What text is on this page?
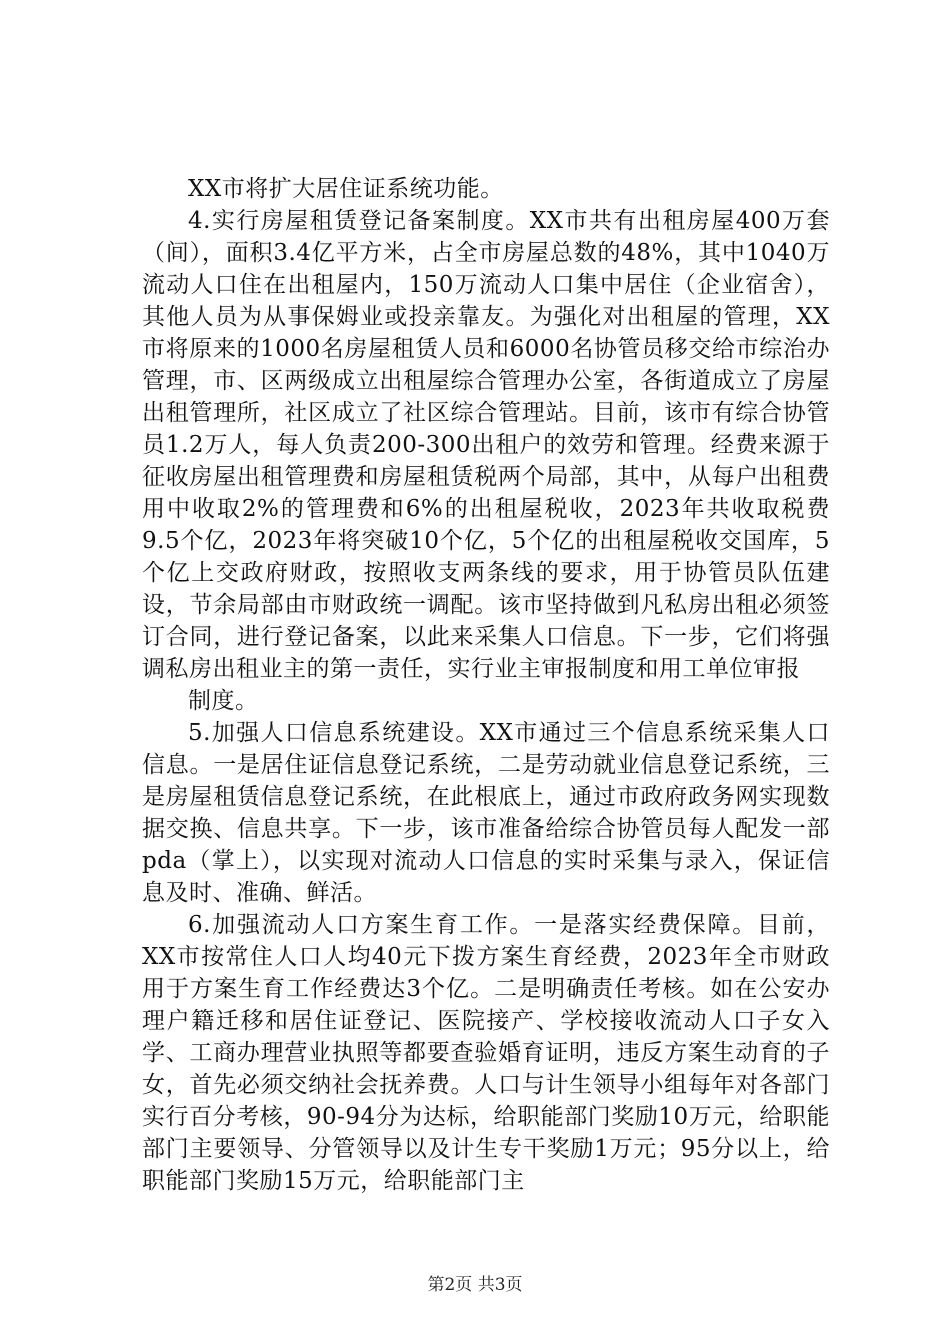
XX市将扩大居住证系统功能。

4.实行房屋租赁登记备案制度。XX市共有出租房屋400万套（间），面积3.4亿平方米，占全市房屋总数的48%，其中1040万流动人口住在出租屋内，150万流动人口集中居住（企业宿舍），其他人员为从事保姆业或投亲靠友。为强化对出租屋的管理，XX市将原来的1000名房屋租赁人员和6000名协管员移交给市综治办管理，市、区两级成立出租屋综合管理办公室，各街道成立了房屋出租管理所，社区成立了社区综合管理站。目前，该市有综合协管员1.2万人，每人负责200-300出租户的效劳和管理。经费来源于征收房屋出租管理费和房屋租赁税两个局部，其中，从每户出租费用中收取2%的管理费和6%的出租屋税收，2023年共收取税费9.5个亿，2023年将突破10个亿，5个亿的出租屋税收交国库，5个亿上交政府财政，按照收支两条线的要求，用于协管员队伍建设，节余局部由市财政统一调配。该市坚持做到凡私房出租必须签订合同，进行登记备案，以此来采集人口信息。下一步，它们将强调私房出租业主的第一责任，实行业主审报制度和用工单位审报

制度。

5.加强人口信息系统建设。XX市通过三个信息系统采集人口信息。一是居住证信息登记系统，二是劳动就业信息登记系统，三是房屋租赁信息登记系统，在此根底上，通过市政府政务网实现数据交换、信息共享。下一步，该市准备给综合协管员每人配发一部pda（掌上），以实现对流动人口信息的实时采集与录入，保证信息及时、准确、鲜活。

6.加强流动人口方案生育工作。一是落实经费保障。目前，XX市按常住人口人均40元下拨方案生育经费，2023年全市财政用于方案生育工作经费达3个亿。二是明确责任考核。如在公安办理户籍迁移和居住证登记、医院接产、学校接收流动人口子女入学、工商办理营业执照等都要查验婚育证明，违反方案生动育的子女，首先必须交纳社会抚养费。人口与计生领导小组每年对各部门实行百分考核，90-94分为达标，给职能部门奖励10万元，给职能部门主要领导、分管领导以及计生专干奖励1万元；95分以上，给职能部门奖励15万元，给职能部门主

第2页 共3页
